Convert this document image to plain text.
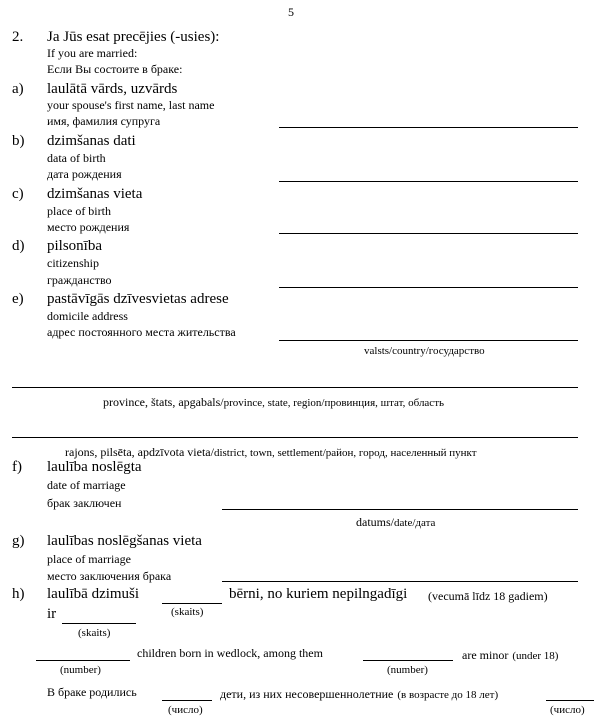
5
2. Ja Jūs esat precējies (-usies):
If you are married:
Если Вы состоите в браке:
a) laulātā vārds, uzvārds
your spouse's first name, last name
имя, фамилия супруга
b) dzimšanas dati
data of birth
дата рождения
c) dzimšanas vieta
place of birth
место рождения
d) pilsonība
citizenship
гражданство
e) pastāvīgās dzīvesvietas adrese
domicile address
адрес постоянного места жительства
valsts/country/государство
province, štats, apgabals/province, state, region/провинция, штат, область
rajons, pilsēta, apdzīvota vieta/district, town, settlement/район, город, населенный пункт
f) laulība noslēgta
date of marriage
брак заключен
datums/date/дата
g) laulības noslēgšanas vieta
place of marriage
место заключения брака
h) laulībā dzimuši	bērni, no kuriem nepilngadīgi (vecumā līdz 18 gadiem)
(skaits)
ir
(skaits)
children born in wedlock, among them	are minor (under 18)
(number)	(number)
В браке родились	дети, из них несовершеннолетние (в возрасте до 18 лет)
(число)	(число)
